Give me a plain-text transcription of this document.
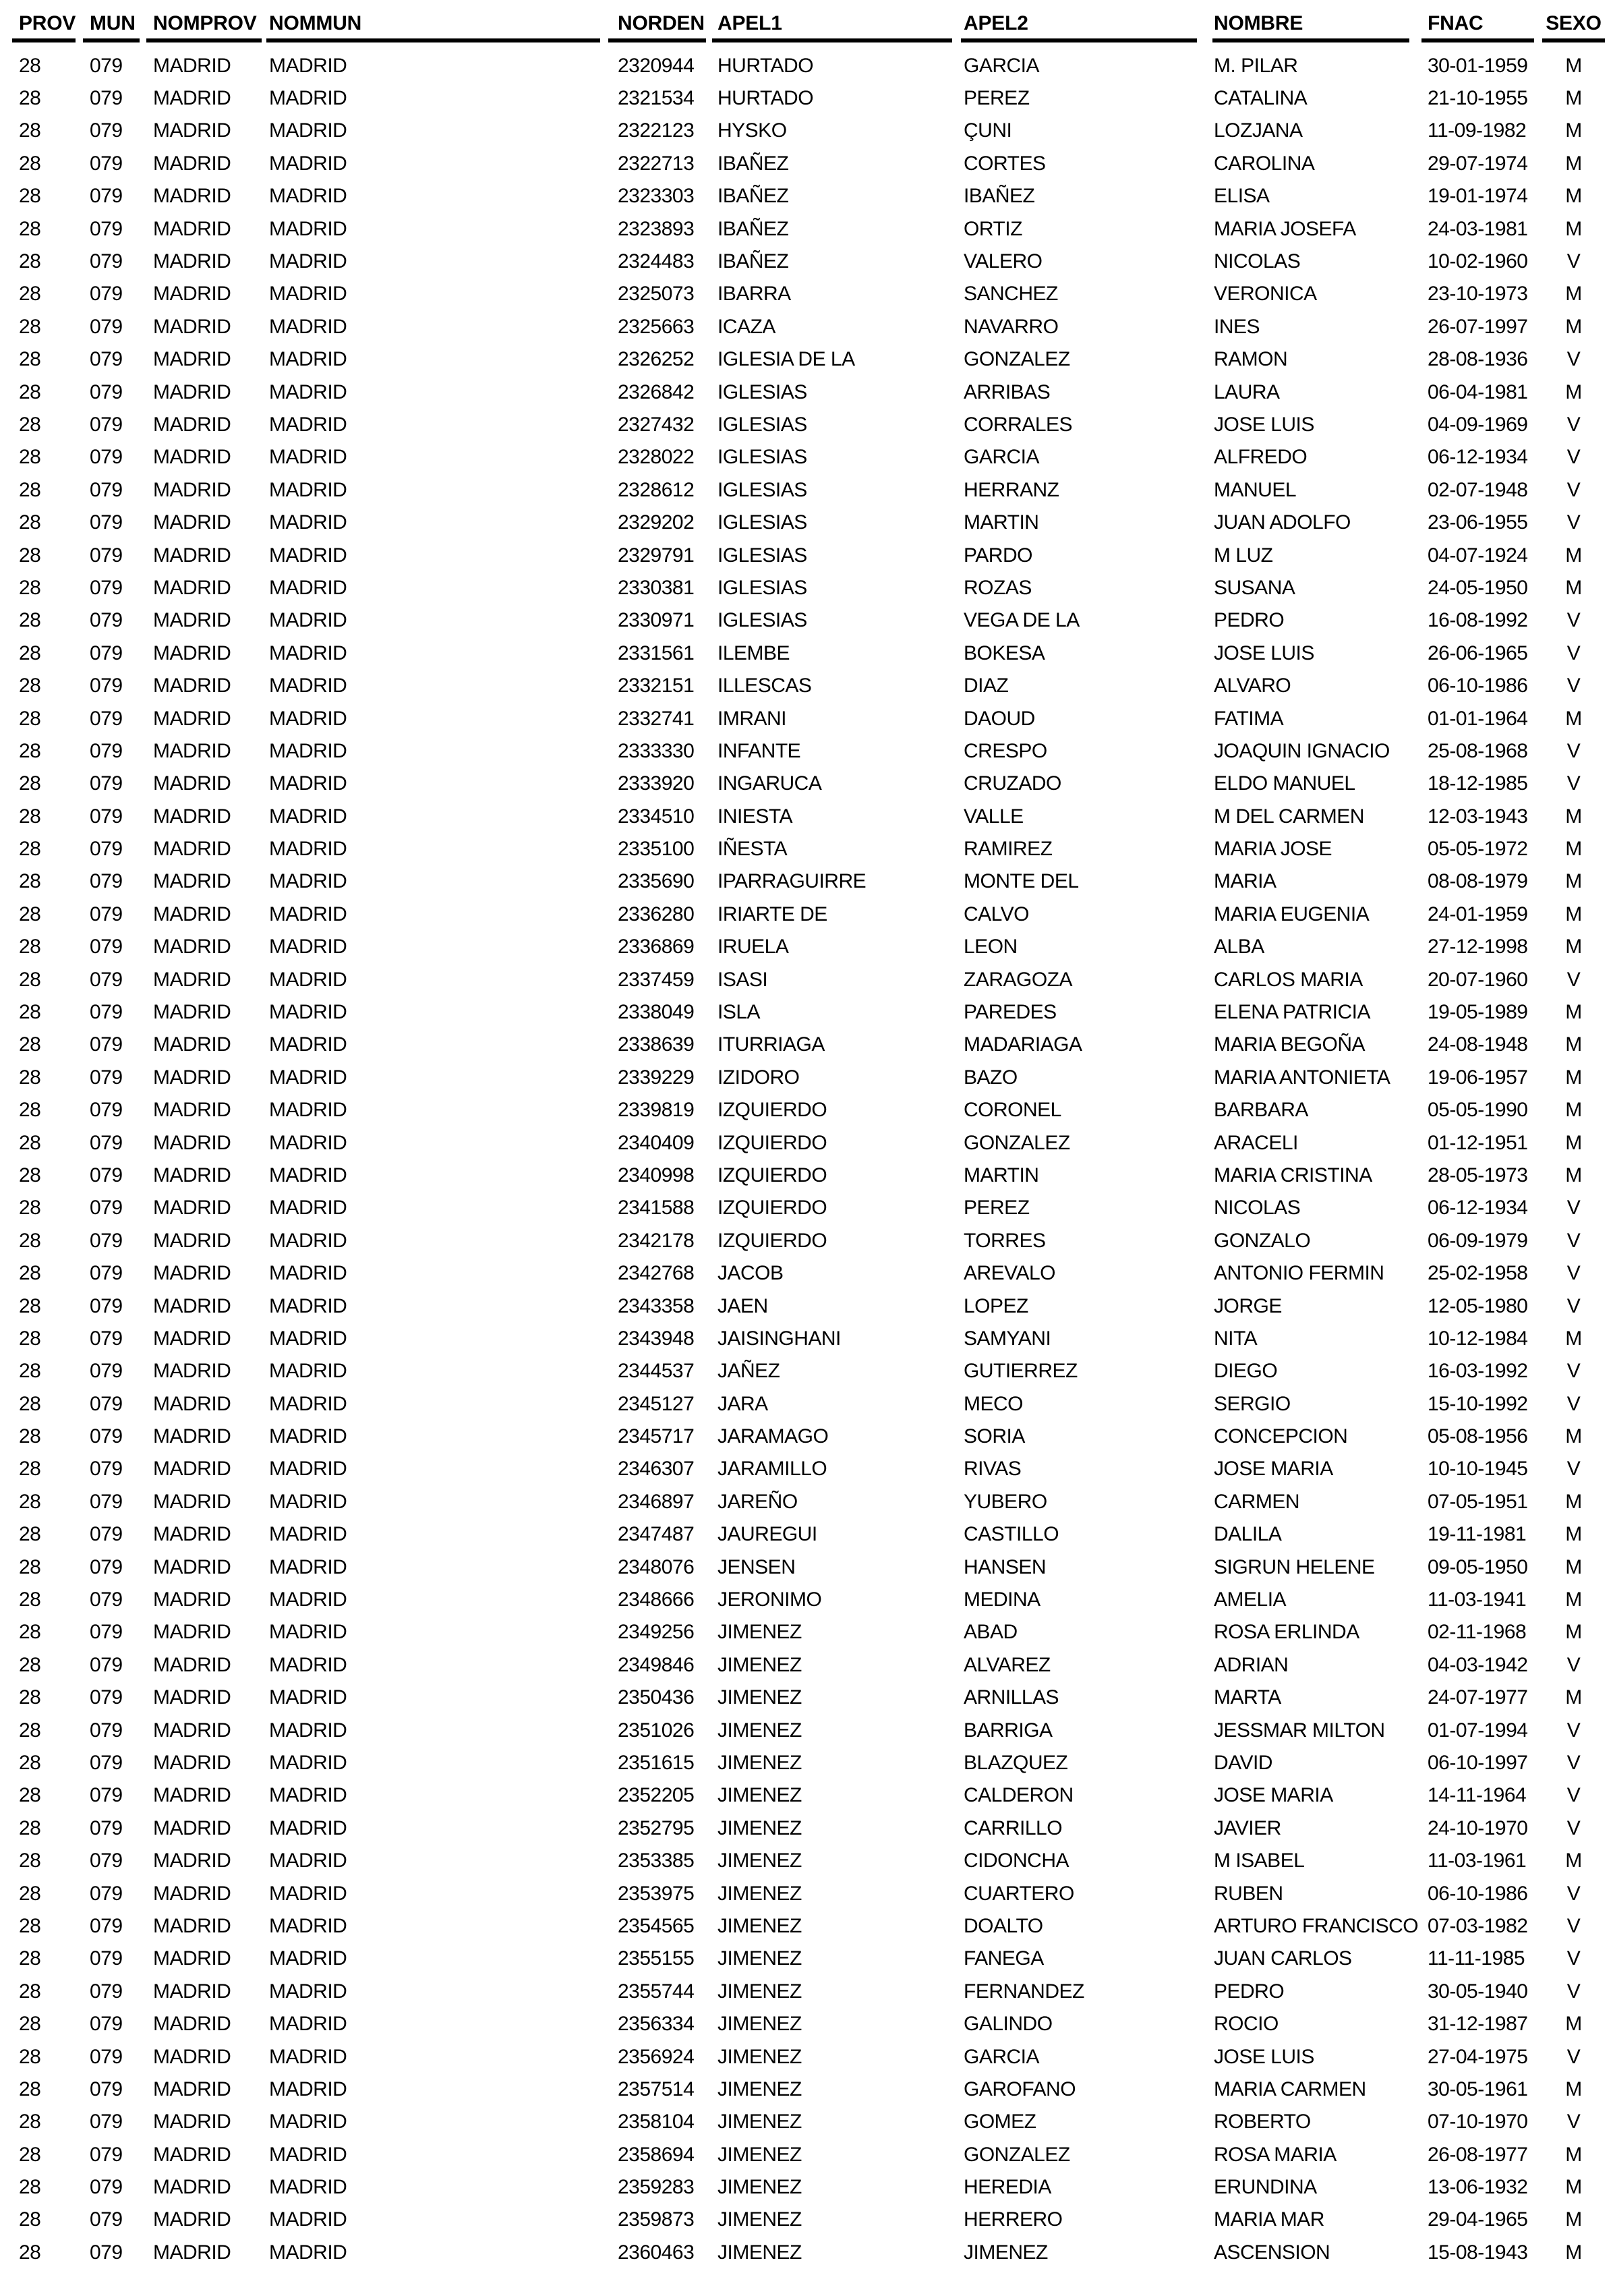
PROV MUN NOMPROV NOMMUN	NORDEN APEL1	APEL2	NOMBRE	FNAC	SEXO
28	079	MADRID	MADRID	2320944	HURTADO	GARCIA	M. PILAR	30-01-1959	M
28	079	MADRID	MADRID	2321534	HURTADO	PEREZ	CATALINA	21-10-1955	M
28	079	MADRID	MADRID	2322123	HYSKO	ÇUNI	LOZJANA	11-09-1982	M
28	079	MADRID	MADRID	2322713	IBAÑEZ	CORTES	CAROLINA	29-07-1974	M
28	079	MADRID	MADRID	2323303	IBAÑEZ	IBAÑEZ	ELISA	19-01-1974	M
28	079	MADRID	MADRID	2323893	IBAÑEZ	ORTIZ	MARIA JOSEFA	24-03-1981	M
28	079	MADRID	MADRID	2324483	IBAÑEZ	VALERO	NICOLAS	10-02-1960	V
28	079	MADRID	MADRID	2325073	IBARRA	SANCHEZ	VERONICA	23-10-1973	M
28	079	MADRID	MADRID	2325663	ICAZA	NAVARRO	INES	26-07-1997	M
28	079	MADRID	MADRID	2326252	IGLESIA DE LA	GONZALEZ	RAMON	28-08-1936	V
28	079	MADRID	MADRID	2326842	IGLESIAS	ARRIBAS	LAURA	06-04-1981	M
28	079	MADRID	MADRID	2327432	IGLESIAS	CORRALES	JOSE LUIS	04-09-1969	V
28	079	MADRID	MADRID	2328022	IGLESIAS	GARCIA	ALFREDO	06-12-1934	V
28	079	MADRID	MADRID	2328612	IGLESIAS	HERRANZ	MANUEL	02-07-1948	V
28	079	MADRID	MADRID	2329202	IGLESIAS	MARTIN	JUAN ADOLFO	23-06-1955	V
28	079	MADRID	MADRID	2329791	IGLESIAS	PARDO	M LUZ	04-07-1924	M
28	079	MADRID	MADRID	2330381	IGLESIAS	ROZAS	SUSANA	24-05-1950	M
28	079	MADRID	MADRID	2330971	IGLESIAS	VEGA DE LA	PEDRO	16-08-1992	V
28	079	MADRID	MADRID	2331561	ILEMBE	BOKESA	JOSE LUIS	26-06-1965	V
28	079	MADRID	MADRID	2332151	ILLESCAS	DIAZ	ALVARO	06-10-1986	V
28	079	MADRID	MADRID	2332741	IMRANI	DAOUD	FATIMA	01-01-1964	M
28	079	MADRID	MADRID	2333330	INFANTE	CRESPO	JOAQUIN IGNACIO	25-08-1968	V
28	079	MADRID	MADRID	2333920	INGARUCA	CRUZADO	ELDO MANUEL	18-12-1985	V
28	079	MADRID	MADRID	2334510	INIESTA	VALLE	M DEL CARMEN	12-03-1943	M
28	079	MADRID	MADRID	2335100	IÑESTA	RAMIREZ	MARIA JOSE	05-05-1972	M
28	079	MADRID	MADRID	2335690	IPARRAGUIRRE	MONTE DEL	MARIA	08-08-1979	M
28	079	MADRID	MADRID	2336280	IRIARTE DE	CALVO	MARIA EUGENIA	24-01-1959	M
28	079	MADRID	MADRID	2336869	IRUELA	LEON	ALBA	27-12-1998	M
28	079	MADRID	MADRID	2337459	ISASI	ZARAGOZA	CARLOS MARIA	20-07-1960	V
28	079	MADRID	MADRID	2338049	ISLA	PAREDES	ELENA PATRICIA	19-05-1989	M
28	079	MADRID	MADRID	2338639	ITURRIAGA	MADARIAGA	MARIA BEGOÑA	24-08-1948	M
28	079	MADRID	MADRID	2339229	IZIDORO	BAZO	MARIA ANTONIETA	19-06-1957	M
28	079	MADRID	MADRID	2339819	IZQUIERDO	CORONEL	BARBARA	05-05-1990	M
28	079	MADRID	MADRID	2340409	IZQUIERDO	GONZALEZ	ARACELI	01-12-1951	M
28	079	MADRID	MADRID	2340998	IZQUIERDO	MARTIN	MARIA CRISTINA	28-05-1973	M
28	079	MADRID	MADRID	2341588	IZQUIERDO	PEREZ	NICOLAS	06-12-1934	V
28	079	MADRID	MADRID	2342178	IZQUIERDO	TORRES	GONZALO	06-09-1979	V
28	079	MADRID	MADRID	2342768	JACOB	AREVALO	ANTONIO FERMIN	25-02-1958	V
28	079	MADRID	MADRID	2343358	JAEN	LOPEZ	JORGE	12-05-1980	V
28	079	MADRID	MADRID	2343948	JAISINGHANI	SAMYANI	NITA	10-12-1984	M
28	079	MADRID	MADRID	2344537	JAÑEZ	GUTIERREZ	DIEGO	16-03-1992	V
28	079	MADRID	MADRID	2345127	JARA	MECO	SERGIO	15-10-1992	V
28	079	MADRID	MADRID	2345717	JARAMAGO	SORIA	CONCEPCION	05-08-1956	M
28	079	MADRID	MADRID	2346307	JARAMILLO	RIVAS	JOSE MARIA	10-10-1945	V
28	079	MADRID	MADRID	2346897	JAREÑO	YUBERO	CARMEN	07-05-1951	M
28	079	MADRID	MADRID	2347487	JAUREGUI	CASTILLO	DALILA	19-11-1981	M
28	079	MADRID	MADRID	2348076	JENSEN	HANSEN	SIGRUN HELENE	09-05-1950	M
28	079	MADRID	MADRID	2348666	JERONIMO	MEDINA	AMELIA	11-03-1941	M
28	079	MADRID	MADRID	2349256	JIMENEZ	ABAD	ROSA ERLINDA	02-11-1968	M
28	079	MADRID	MADRID	2349846	JIMENEZ	ALVAREZ	ADRIAN	04-03-1942	V
28	079	MADRID	MADRID	2350436	JIMENEZ	ARNILLAS	MARTA	24-07-1977	M
28	079	MADRID	MADRID	2351026	JIMENEZ	BARRIGA	JESSMAR MILTON	01-07-1994	V
28	079	MADRID	MADRID	2351615	JIMENEZ	BLAZQUEZ	DAVID	06-10-1997	V
28	079	MADRID	MADRID	2352205	JIMENEZ	CALDERON	JOSE MARIA	14-11-1964	V
28	079	MADRID	MADRID	2352795	JIMENEZ	CARRILLO	JAVIER	24-10-1970	V
28	079	MADRID	MADRID	2353385	JIMENEZ	CIDONCHA	M ISABEL	11-03-1961	M
28	079	MADRID	MADRID	2353975	JIMENEZ	CUARTERO	RUBEN	06-10-1986	V
28	079	MADRID	MADRID	2354565	JIMENEZ	DOALTO	ARTURO FRANCISCO 07-03-1982	V
28	079	MADRID	MADRID	2355155	JIMENEZ	FANEGA	JUAN CARLOS	11-11-1985	V
28	079	MADRID	MADRID	2355744	JIMENEZ	FERNANDEZ	PEDRO	30-05-1940	V
28	079	MADRID	MADRID	2356334	JIMENEZ	GALINDO	ROCIO	31-12-1987	M
28	079	MADRID	MADRID	2356924	JIMENEZ	GARCIA	JOSE LUIS	27-04-1975	V
28	079	MADRID	MADRID	2357514	JIMENEZ	GAROFANO	MARIA CARMEN	30-05-1961	M
28	079	MADRID	MADRID	2358104	JIMENEZ	GOMEZ	ROBERTO	07-10-1970	V
28	079	MADRID	MADRID	2358694	JIMENEZ	GONZALEZ	ROSA MARIA	26-08-1977	M
28	079	MADRID	MADRID	2359283	JIMENEZ	HEREDIA	ERUNDINA	13-06-1932	M
28	079	MADRID	MADRID	2359873	JIMENEZ	HERRERO	MARIA MAR	29-04-1965	M
28	079	MADRID	MADRID	2360463	JIMENEZ	JIMENEZ	ASCENSION	15-08-1943	M
